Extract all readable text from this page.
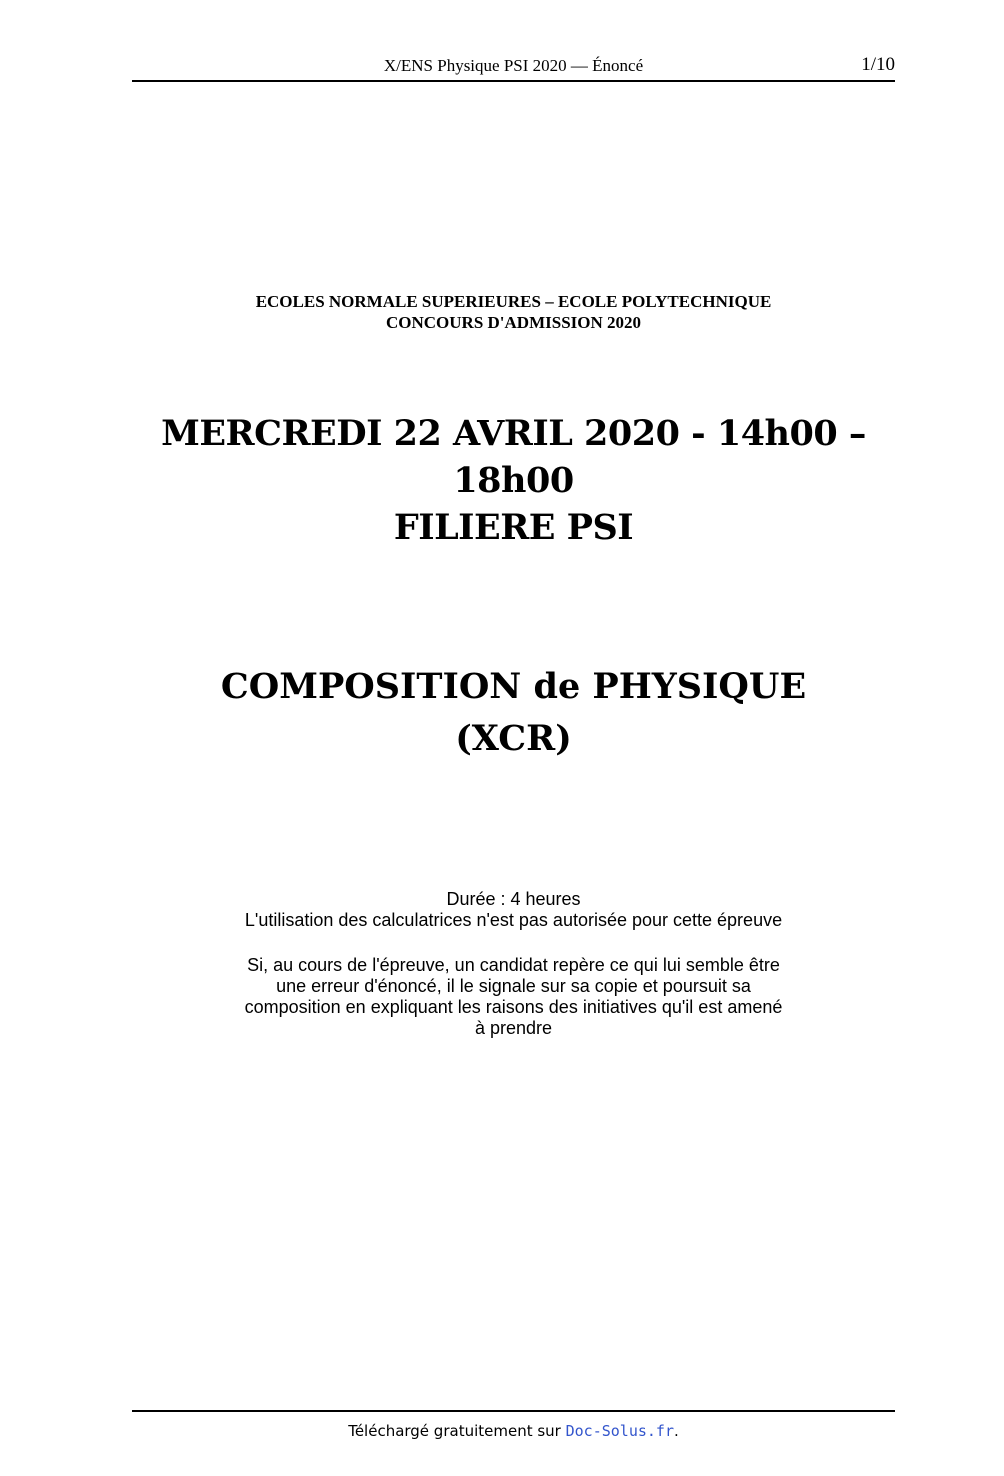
X/ENS Physique PSI 2020 — Énoncé	1/10
ECOLES NORMALE SUPERIEURES – ECOLE POLYTECHNIQUE
CONCOURS D'ADMISSION 2020
MERCREDI 22 AVRIL 2020 - 14h00 – 18h00
FILIERE PSI
COMPOSITION de PHYSIQUE
(XCR)
Durée : 4 heures
L'utilisation des calculatrices n'est pas autorisée pour cette épreuve
Si, au cours de l'épreuve, un candidat repère ce qui lui semble être
une erreur d'énoncé, il le signale sur sa copie et poursuit sa
composition en expliquant les raisons des initiatives qu'il est amené
à prendre
Téléchargé gratuitement sur Doc-Solus.fr.
